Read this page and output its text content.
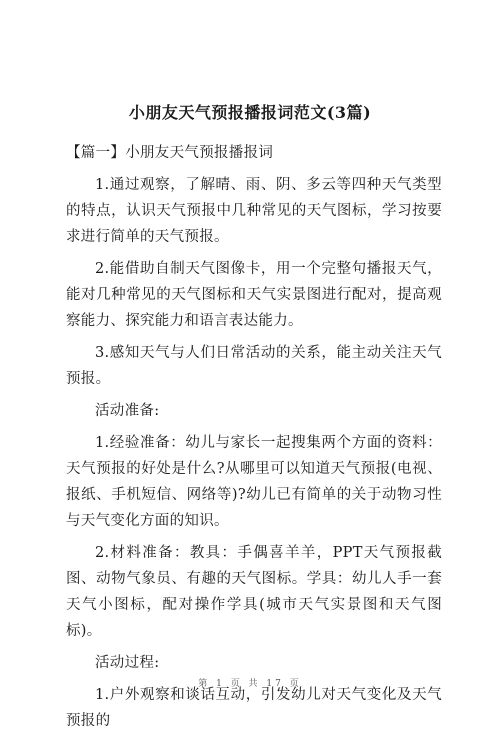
小朋友天气预报播报词范文(3篇)

【篇一】小朋友天气预报播报词

1.通过观察，了解晴、雨、阴、多云等四种天气类型的特点，认识天气预报中几种常见的天气图标，学习按要求进行简单的天气预报。

2.能借助自制天气图像卡，用一个完整句播报天气，能对几种常见的天气图标和天气实景图进行配对，提高观察能力、探究能力和语言表达能力。

3.感知天气与人们日常活动的关系，能主动关注天气预报。

活动准备:

1.经验准备：幼儿与家长一起搜集两个方面的资料：天气预报的好处是什么?从哪里可以知道天气预报(电视、报纸、手机短信、网络等)?幼儿已有简单的关于动物习性与天气变化方面的知识。

2.材料准备：教具：手偶喜羊羊，PPT天气预报截图、动物气象员、有趣的天气图标。学具：幼儿人手一套天气小图标，配对操作学具(城市天气实景图和天气图标)。

活动过程:

1.户外观察和谈话互动，引发幼儿对天气变化及天气预报的

第 1 页 共 17 页
